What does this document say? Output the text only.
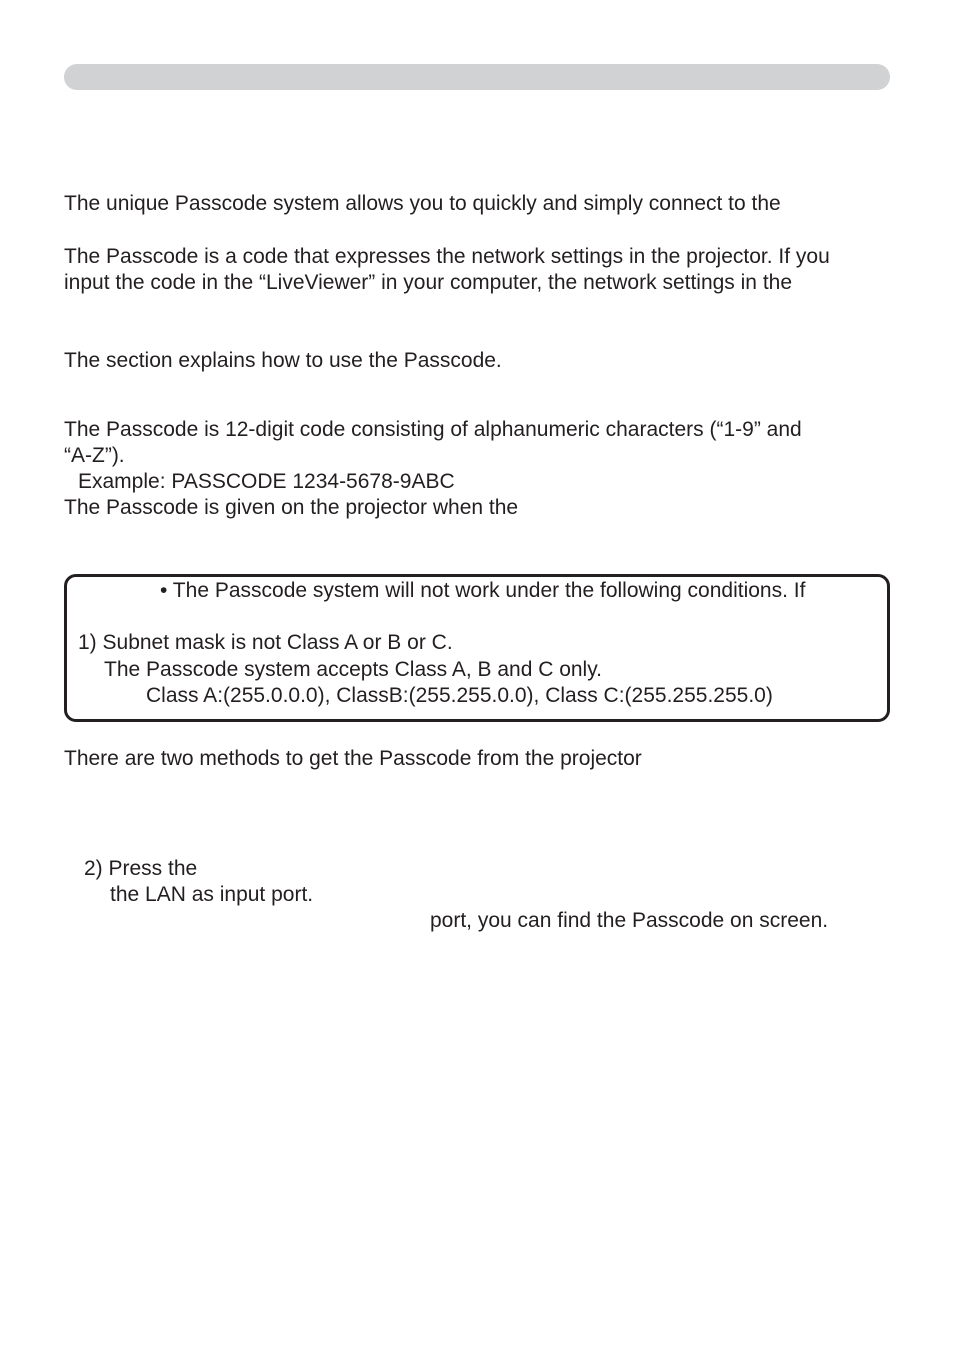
The unique Passcode system allows you to quickly and simply connect to the
The Passcode is a code that expresses the network settings in the projector. If you
input the code in the “LiveViewer” in your computer, the network settings in the
The section explains how to use the Passcode.
The Passcode is 12-digit code consisting of alphanumeric characters (“1-9” and
“A-Z”).
Example: PASSCODE 1234-5678-9ABC
The Passcode is given on the projector when the
• The Passcode system will not work under the following conditions. If
1) Subnet mask is not Class A or B or C.
The Passcode system accepts Class A, B and C only.
Class A:(255.0.0.0), ClassB:(255.255.0.0), Class C:(255.255.255.0)
There are two methods to get the Passcode from the projector
2) Press the
the LAN as input port.
port, you can find the Passcode on screen.
